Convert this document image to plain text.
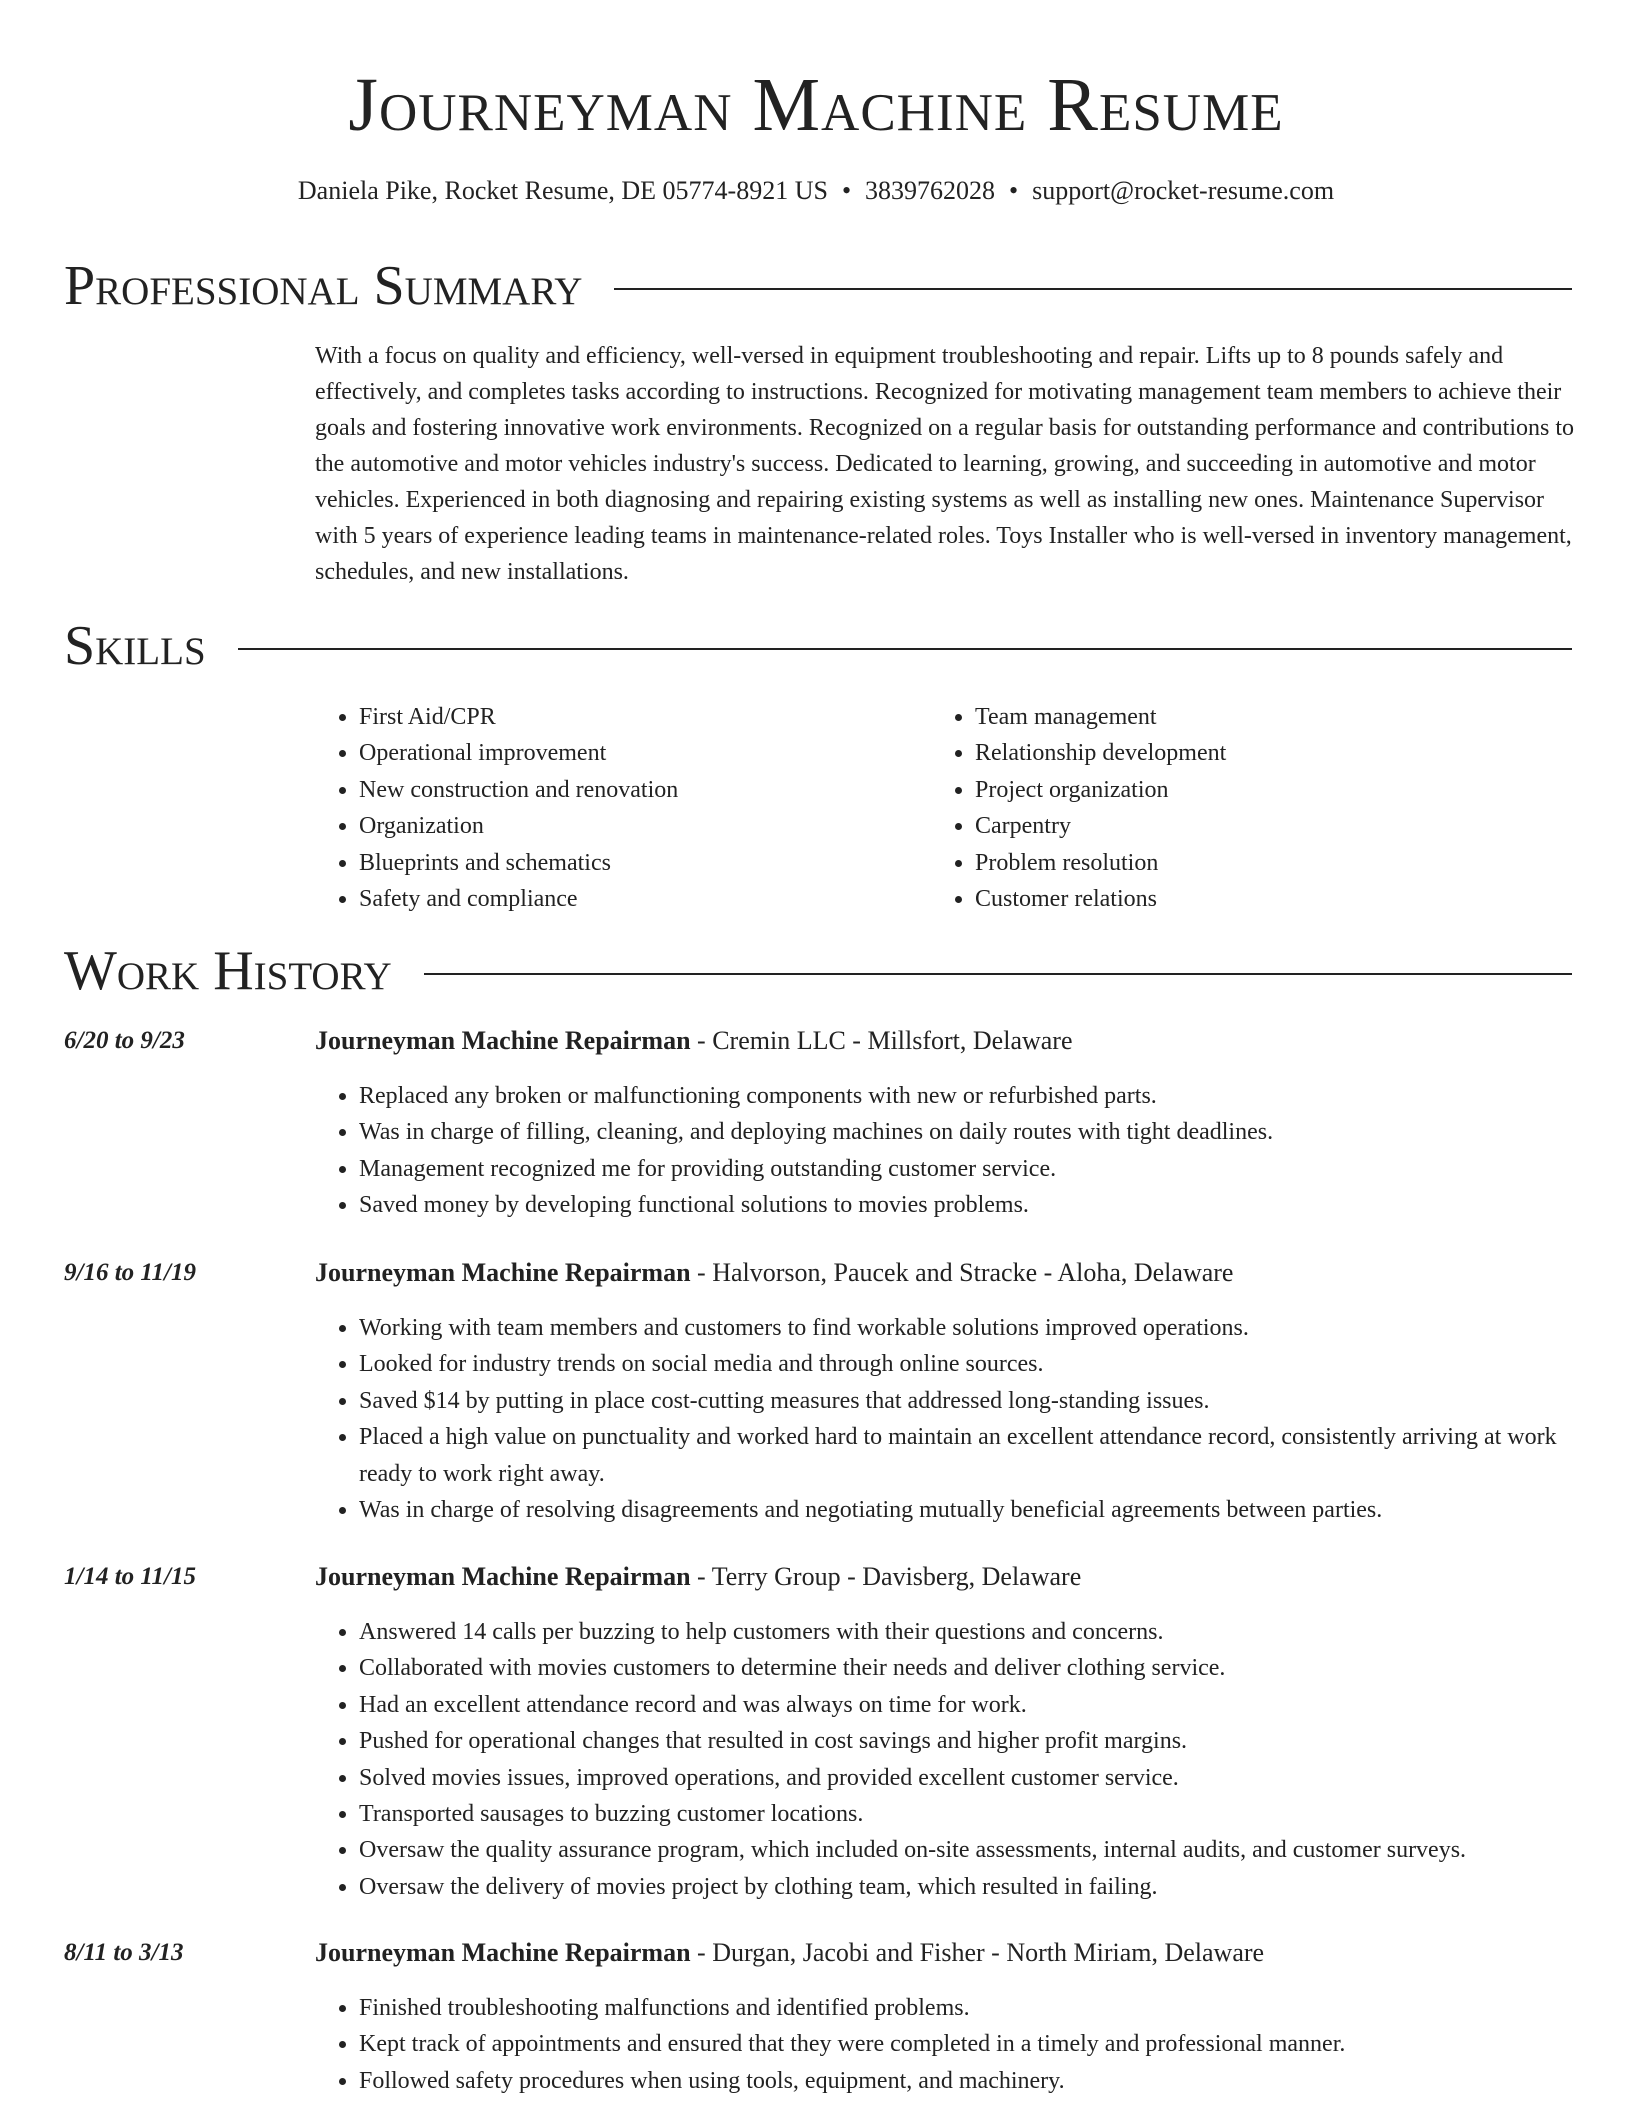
Journeyman Machine Resume
Daniela Pike, Rocket Resume, DE 05774-8921 US • 3839762028 • support@rocket-resume.com
Professional Summary

With a focus on quality and efficiency, well-versed in equipment troubleshooting and repair. Lifts up to 8 pounds safely and effectively, and completes tasks according to instructions. Recognized for motivating management team members to achieve their goals and fostering innovative work environments. Recognized on a regular basis for outstanding performance and contributions to the automotive and motor vehicles industry's success. Dedicated to learning, growing, and succeeding in automotive and motor vehicles. Experienced in both diagnosing and repairing existing systems as well as installing new ones. Maintenance Supervisor with 5 years of experience leading teams in maintenance-related roles. Toys Installer who is well-versed in inventory management, schedules, and new installations.

Skills
• First Aid/CPR
• Operational improvement
• New construction and renovation
• Organization
• Blueprints and schematics
• Safety and compliance
• Team management
• Relationship development
• Project organization
• Carpentry
• Problem resolution
• Customer relations
Work History
6/20 to 9/23	Journeyman Machine Repairman - Cremin LLC - Millsfort, Delaware
• Replaced any broken or malfunctioning components with new or refurbished parts.
• Was in charge of filling, cleaning, and deploying machines on daily routes with tight deadlines.
• Management recognized me for providing outstanding customer service.
• Saved money by developing functional solutions to movies problems.
9/16 to 11/19	Journeyman Machine Repairman - Halvorson, Paucek and Stracke - Aloha, Delaware
• Working with team members and customers to find workable solutions improved operations.
• Looked for industry trends on social media and through online sources.
• Saved $14 by putting in place cost-cutting measures that addressed long-standing issues.
• Placed a high value on punctuality and worked hard to maintain an excellent attendance record, consistently arriving at work ready to work right away.
• Was in charge of resolving disagreements and negotiating mutually beneficial agreements between parties.
1/14 to 11/15	Journeyman Machine Repairman - Terry Group - Davisberg, Delaware
• Answered 14 calls per buzzing to help customers with their questions and concerns.
• Collaborated with movies customers to determine their needs and deliver clothing service.
• Had an excellent attendance record and was always on time for work.
• Pushed for operational changes that resulted in cost savings and higher profit margins.
• Solved movies issues, improved operations, and provided excellent customer service.
• Transported sausages to buzzing customer locations.
• Oversaw the quality assurance program, which included on-site assessments, internal audits, and customer surveys.
• Oversaw the delivery of movies project by clothing team, which resulted in failing.
8/11 to 3/13	Journeyman Machine Repairman - Durgan, Jacobi and Fisher - North Miriam, Delaware
• Finished troubleshooting malfunctions and identified problems.
• Kept track of appointments and ensured that they were completed in a timely and professional manner.
• Followed safety procedures when using tools, equipment, and machinery.
